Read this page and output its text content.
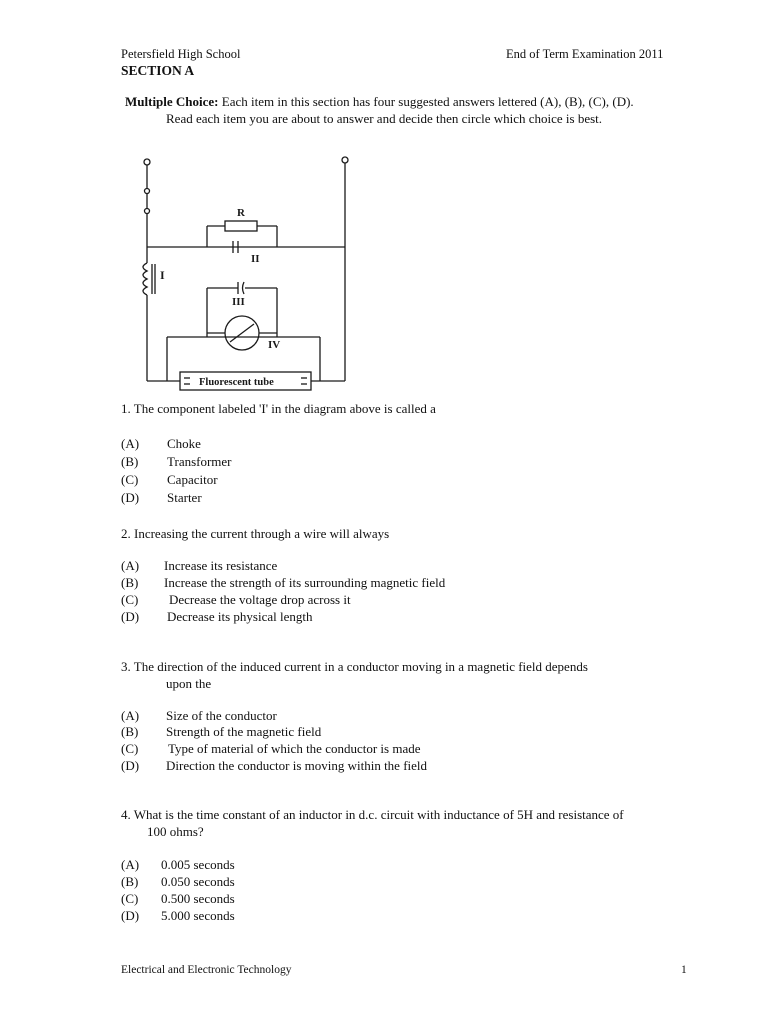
Petersfield High School	End of Term Examination 2011
SECTION A
Multiple Choice: Each item in this section has four suggested answers lettered (A), (B), (C), (D).
Read each item you are about to answer and decide then circle which choice is best.
R
II
III
IV
I
Fluorescent tube
1. The component labeled 'I' in the diagram above is called a
(A) Choke
(B) Transformer
(C) Capacitor
(D) Starter
2. Increasing the current through a wire will always
(A) Increase its resistance
(B) Increase the strength of its surrounding magnetic field
(C) Decrease the voltage drop across it
(D) Decrease its physical length
3. The direction of the induced current in a conductor moving in a magnetic field depends
upon the
(A) Size of the conductor
(B) Strength of the magnetic field
(C) Type of material of which the conductor is made
(D) Direction the conductor is moving within the field
4. What is the time constant of an inductor in d.c. circuit with inductance of 5H and resistance of
100 ohms?
(A) 0.005 seconds
(B) 0.050 seconds
(C) 0.500 seconds
(D) 5.000 seconds
Electrical and Electronic Technology	1
